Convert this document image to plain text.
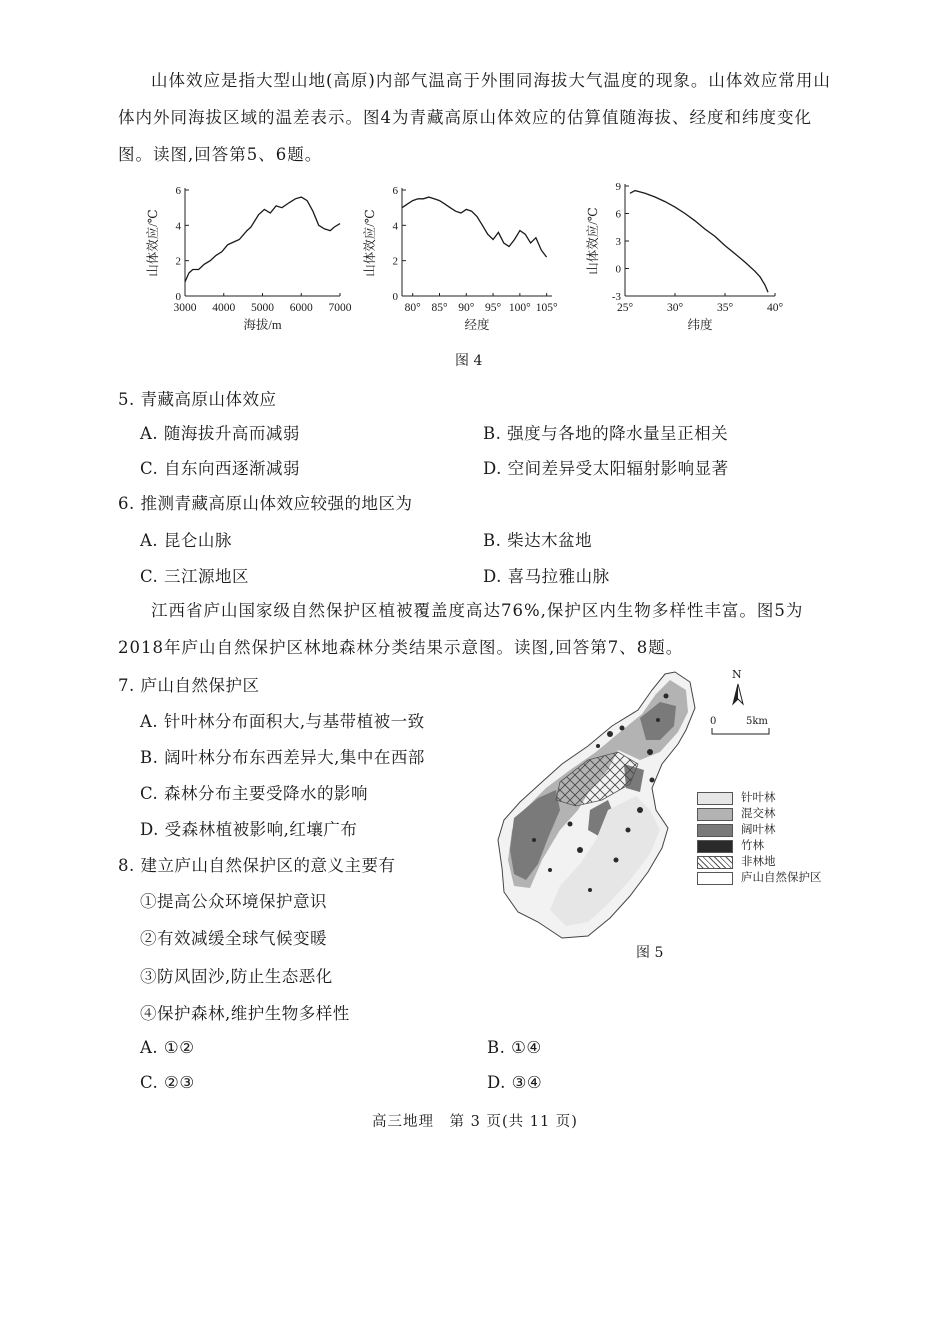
山体效应是指大型山地(高原)内部气温高于外围同海拔大气温度的现象。山体效应常用山体内外同海拔区域的温差表示。图4为青藏高原山体效应的估算值随海拔、经度和纬度变化图。读图,回答第5、6题。
0
2
4
6
3000 4000 5000 6000 7000
海拔/m
山体效应/℃
0
2
4
6
80° 85° 90° 95° 100° 105°
经度
山体效应/℃
-3
0
3
6
9
25°	30°	35°	40°
纬度
山体效应/℃
图 4
5. 青藏高原山体效应
A. 随海拔升高而减弱	B. 强度与各地的降水量呈正相关
C. 自东向西逐渐减弱	D. 空间差异受太阳辐射影响显著
6. 推测青藏高原山体效应较强的地区为
A. 昆仑山脉	B. 柴达木盆地
C. 三江源地区	D. 喜马拉雅山脉
江西省庐山国家级自然保护区植被覆盖度高达76%,保护区内生物多样性丰富。图5为2018年庐山自然保护区林地森林分类结果示意图。读图,回答第7、8题。
7. 庐山自然保护区
A. 针叶林分布面积大,与基带植被一致
B. 阔叶林分布东西差异大,集中在西部
C. 森林分布主要受降水的影响
D. 受森林植被影响,红壤广布
8. 建立庐山自然保护区的意义主要有
①提高公众环境保护意识
②有效减缓全球气候变暖
③防风固沙,防止生态恶化
④保护森林,维护生物多样性
A. ①②	B. ①④
C. ②③	D. ③④
N
0	5km
针叶林
混交林
阔叶林
竹林
非林地
庐山自然保护区
图 5
高三地理　第 3 页(共 11 页)
